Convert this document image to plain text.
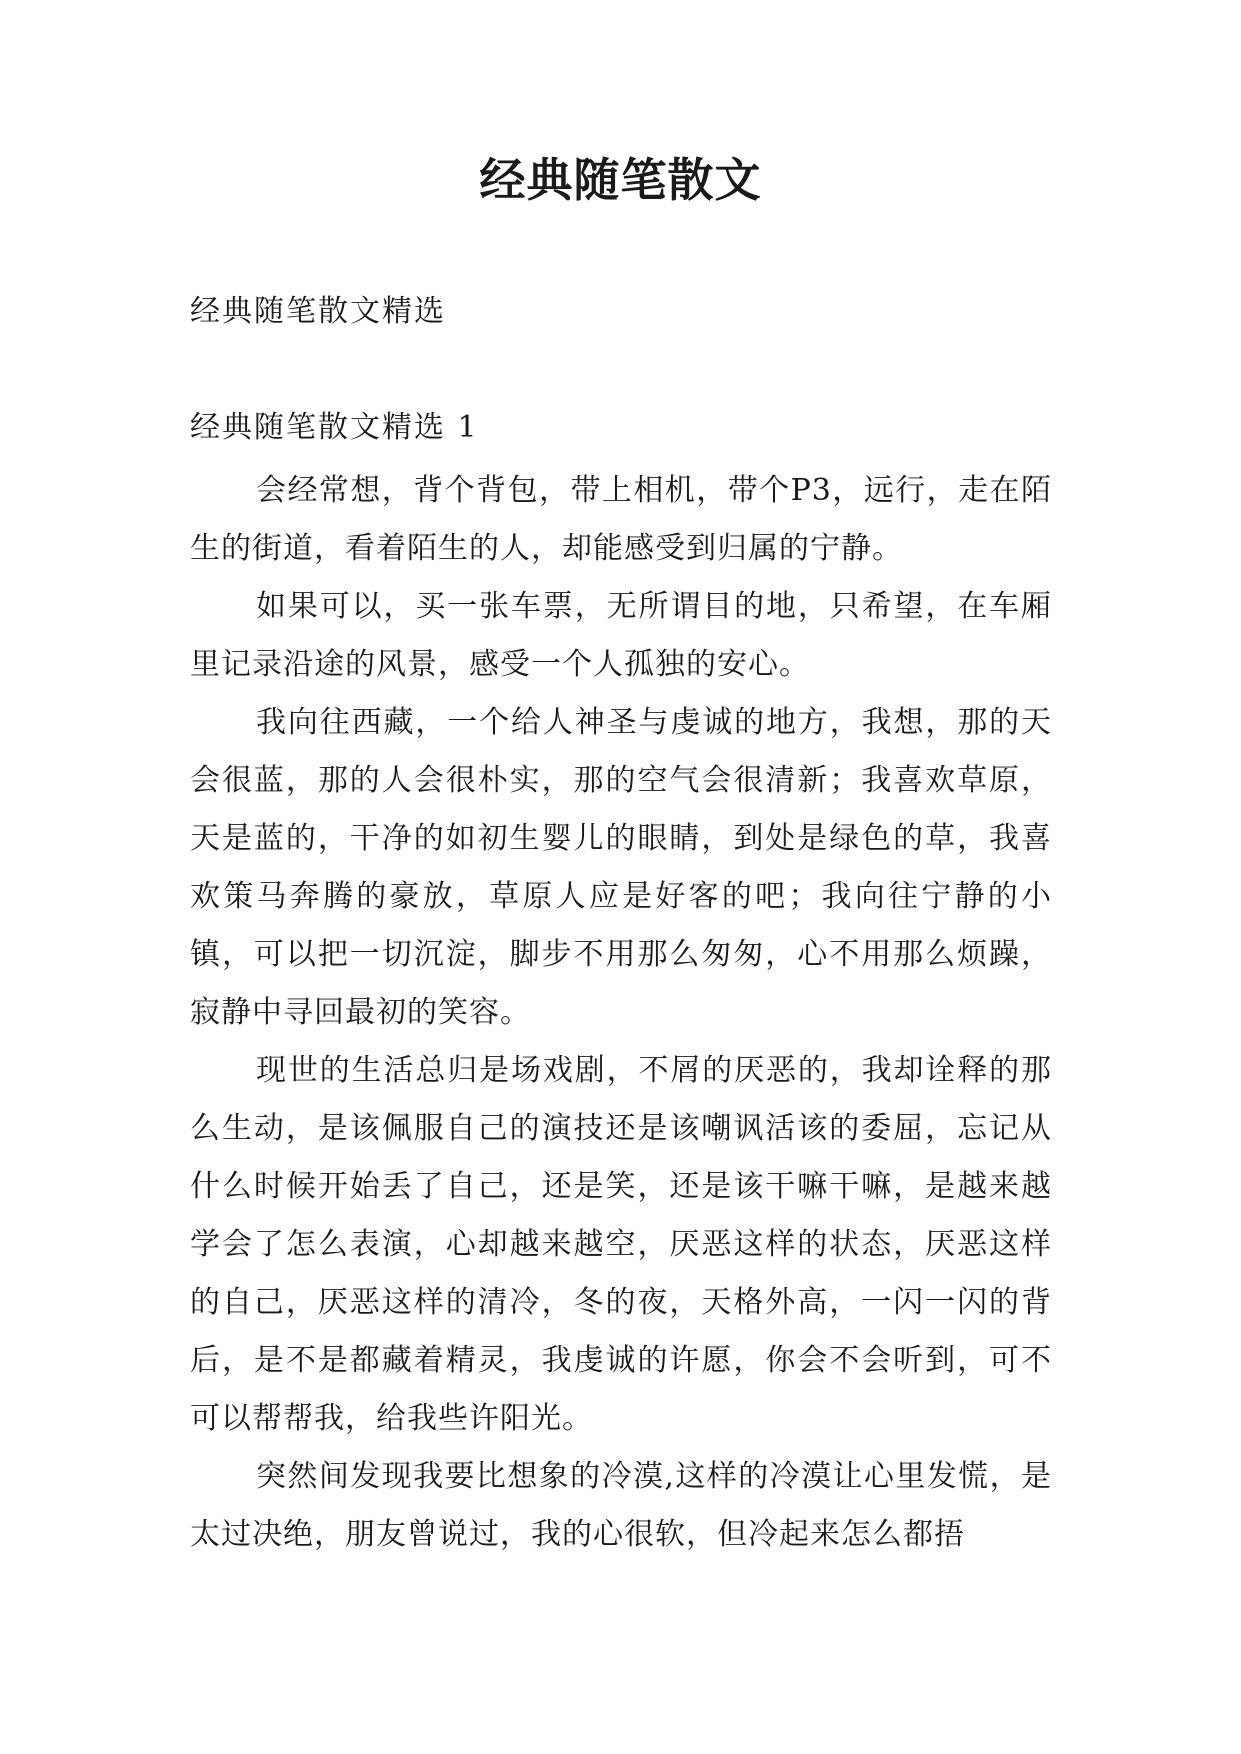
经典随笔散文
经典随笔散文精选
经典随笔散文精选 1

会经常想，背个背包，带上相机，带个P3，远行，走在陌生的街道，看着陌生的人，却能感受到归属的宁静。

如果可以，买一张车票，无所谓目的地，只希望，在车厢里记录沿途的风景，感受一个人孤独的安心。

我向往西藏，一个给人神圣与虔诚的地方，我想，那的天会很蓝，那的人会很朴实，那的空气会很清新；我喜欢草原，天是蓝的，干净的如初生婴儿的眼睛，到处是绿色的草，我喜欢策马奔腾的豪放，草原人应是好客的吧；我向往宁静的小镇，可以把一切沉淀，脚步不用那么匆匆，心不用那么烦躁，寂静中寻回最初的笑容。

现世的生活总归是场戏剧，不屑的厌恶的，我却诠释的那么生动，是该佩服自己的演技还是该嘲讽活该的委屈，忘记从什么时候开始丢了自己，还是笑，还是该干嘛干嘛，是越来越学会了怎么表演，心却越来越空，厌恶这样的状态，厌恶这样的自己，厌恶这样的清冷，冬的夜，天格外高，一闪一闪的背后，是不是都藏着精灵，我虔诚的许愿，你会不会听到，可不可以帮帮我，给我些许阳光。

突然间发现我要比想象的冷漠,这样的冷漠让心里发慌，是太过决绝，朋友曾说过，我的心很软，但冷起来怎么都捂
